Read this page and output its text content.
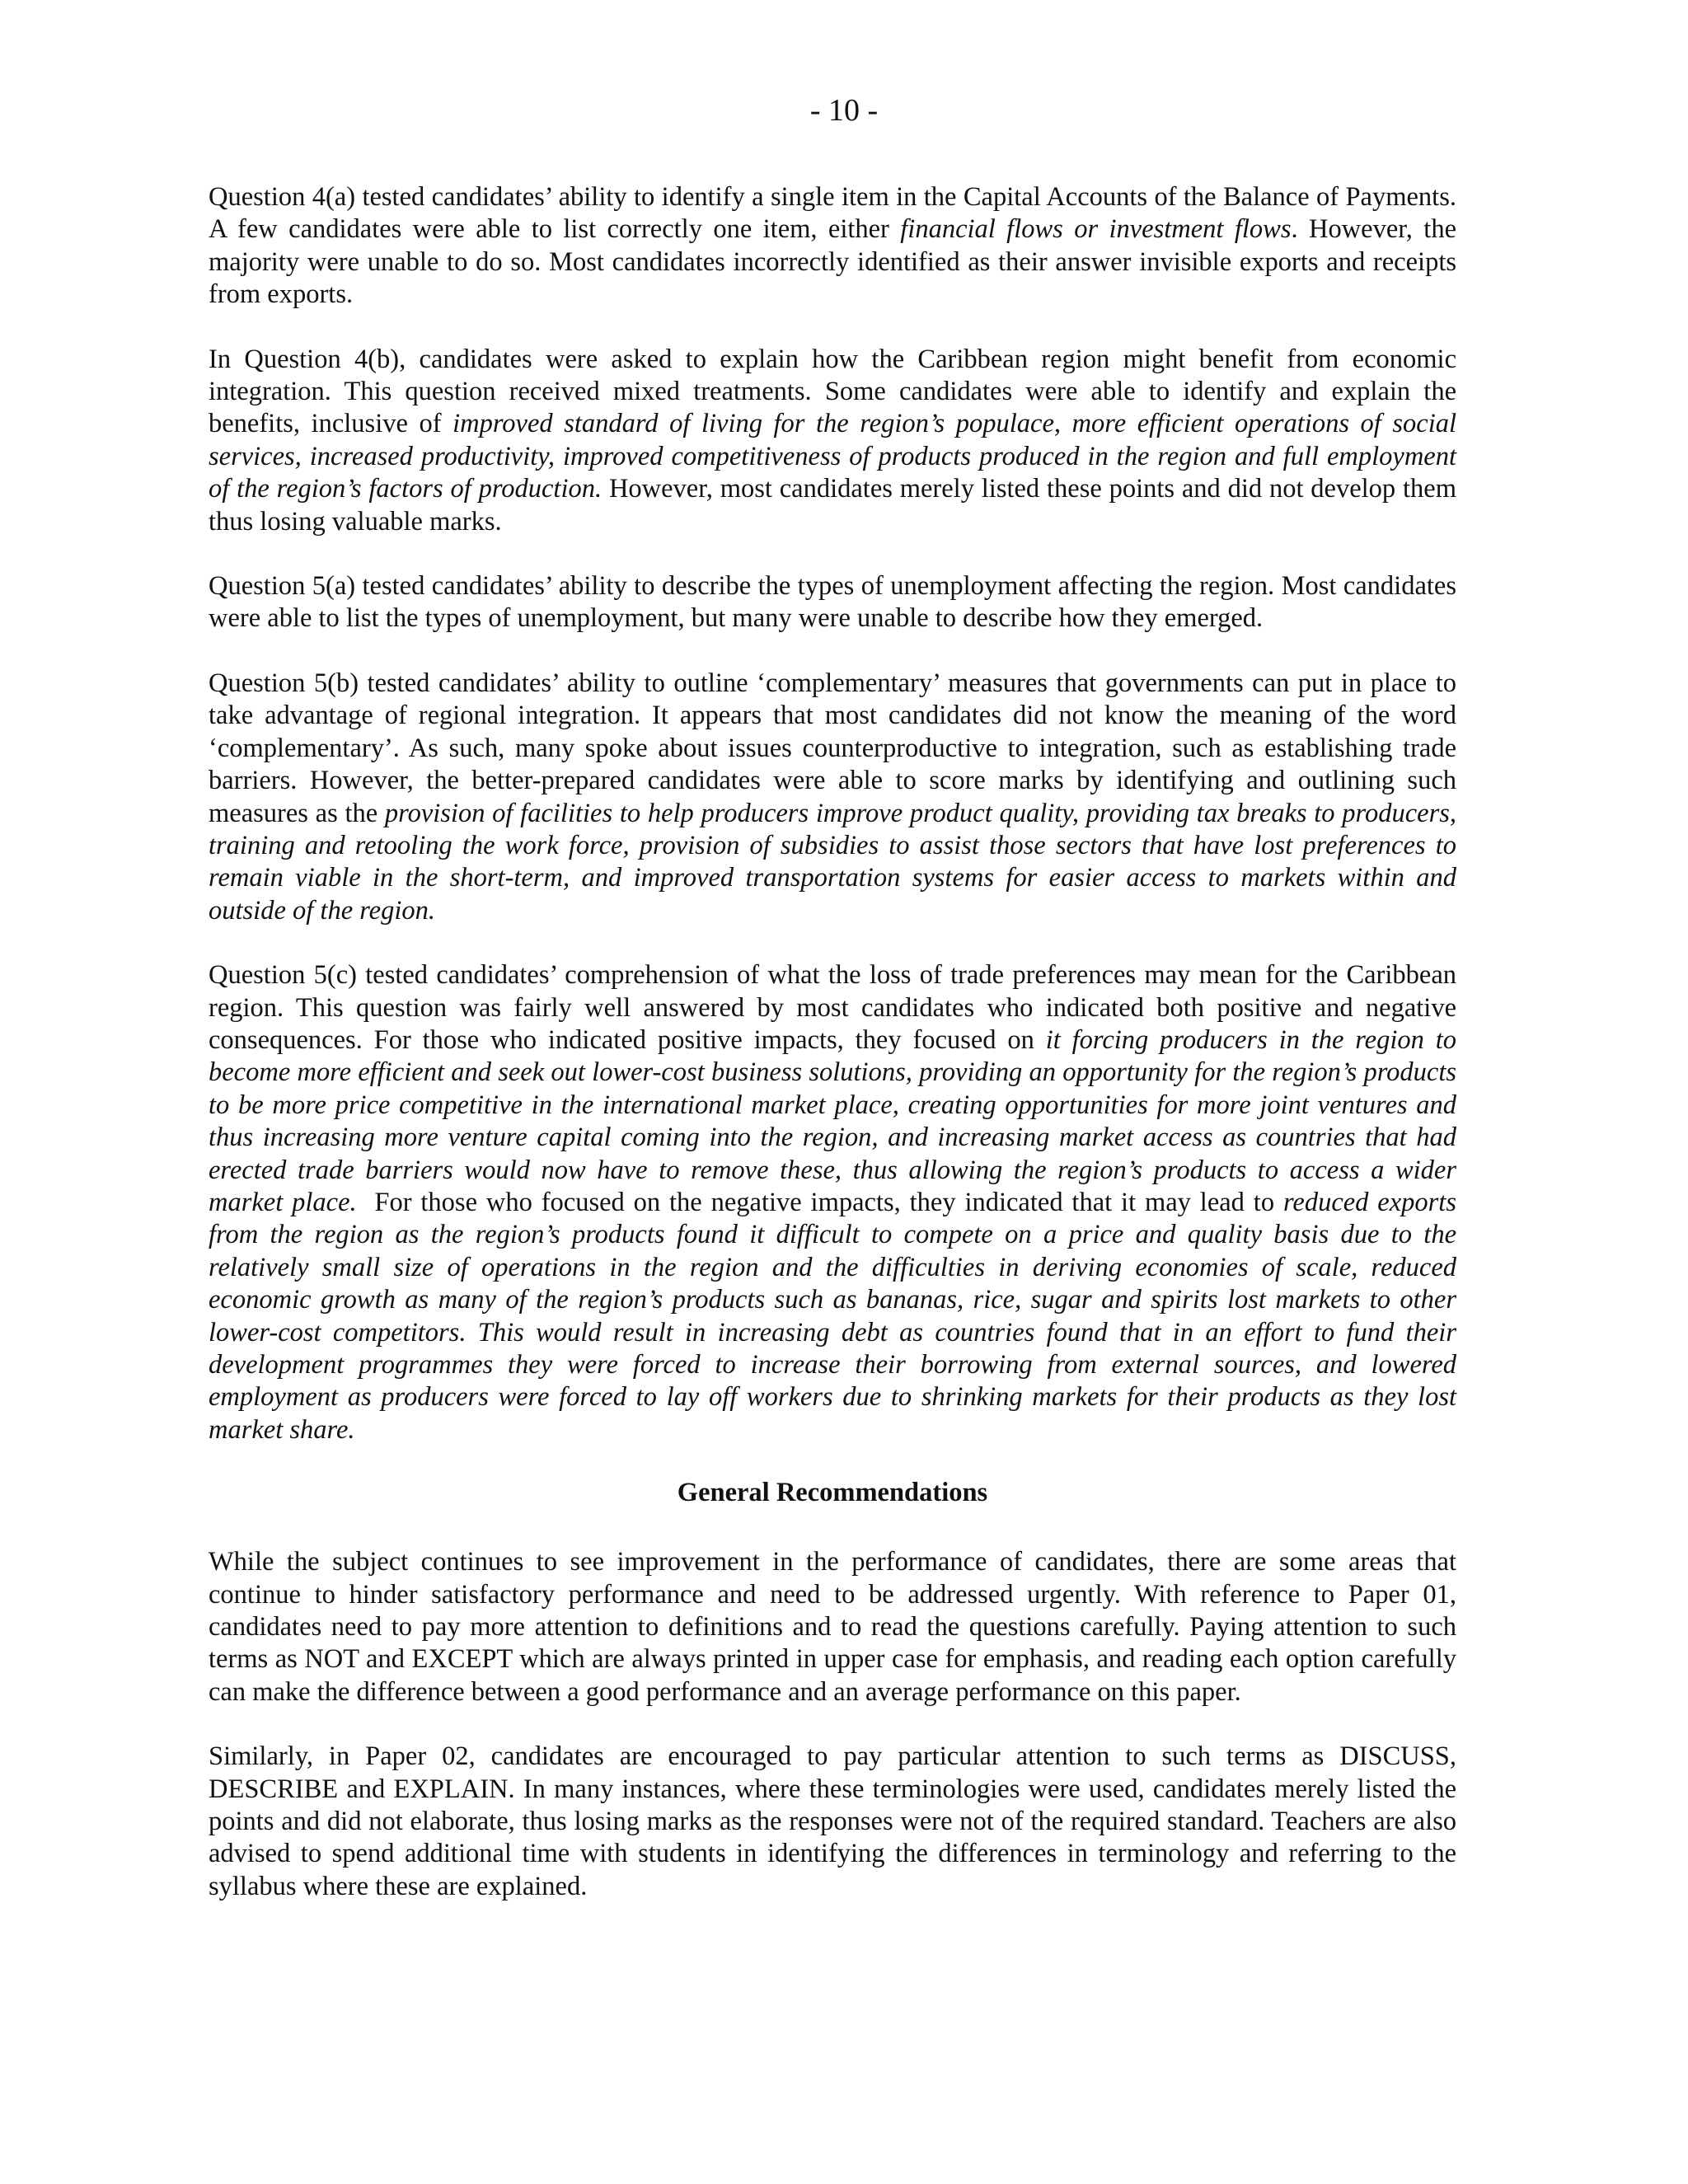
- 10 -

Question 4(a) tested candidates’ ability to identify a single item in the Capital Accounts of the Balance of Payments. A few candidates were able to list correctly one item, either financial flows or investment flows. However, the majority were unable to do so. Most candidates incorrectly identified as their answer invisible exports and receipts from exports.

In Question 4(b), candidates were asked to explain how the Caribbean region might benefit from economic integration. This question received mixed treatments. Some candidates were able to identify and explain the benefits, inclusive of improved standard of living for the region’s populace, more efficient operations of social services, increased productivity, improved competitiveness of products produced in the region and full employment of the region’s factors of production. However, most candidates merely listed these points and did not develop them thus losing valuable marks.

Question 5(a) tested candidates’ ability to describe the types of unemployment affecting the region. Most candidates were able to list the types of unemployment, but many were unable to describe how they emerged.

Question 5(b) tested candidates’ ability to outline ‘complementary’ measures that governments can put in place to take advantage of regional integration. It appears that most candidates did not know the meaning of the word ‘complementary’. As such, many spoke about issues counterproductive to integration, such as establishing trade barriers. However, the better-prepared candidates were able to score marks by identifying and outlining such measures as the provision of facilities to help producers improve product quality, providing tax breaks to producers, training and retooling the work force, provision of subsidies to assist those sectors that have lost preferences to remain viable in the short-term, and improved transportation systems for easier access to markets within and outside of the region.

Question 5(c) tested candidates’ comprehension of what the loss of trade preferences may mean for the Caribbean region. This question was fairly well answered by most candidates who indicated both positive and negative consequences. For those who indicated positive impacts, they focused on it forcing producers in the region to become more efficient and seek out lower-cost business solutions, providing an opportunity for the region’s products to be more price competitive in the international market place, creating opportunities for more joint ventures and thus increasing more venture capital coming into the region, and increasing market access as countries that had erected trade barriers would now have to remove these, thus allowing the region’s products to access a wider market place.  For those who focused on the negative impacts, they indicated that it may lead to reduced exports from the region as the region’s products found it difficult to compete on a price and quality basis due to the relatively small size of operations in the region and the difficulties in deriving economies of scale, reduced economic growth as many of the region’s products such as bananas, rice, sugar and spirits lost markets to other lower-cost competitors. This would result in increasing debt as countries found that in an effort to fund their development programmes they were forced to increase their borrowing from external sources, and lowered employment as producers were forced to lay off workers due to shrinking markets for their products as they lost market share.

General Recommendations

While the subject continues to see improvement in the performance of candidates, there are some areas that continue to hinder satisfactory performance and need to be addressed urgently. With reference to Paper 01, candidates need to pay more attention to definitions and to read the questions carefully. Paying attention to such terms as NOT and EXCEPT which are always printed in upper case for emphasis, and reading each option carefully can make the difference between a good performance and an average performance on this paper.

Similarly, in Paper 02, candidates are encouraged to pay particular attention to such terms as DISCUSS, DESCRIBE and EXPLAIN. In many instances, where these terminologies were used, candidates merely listed the points and did not elaborate, thus losing marks as the responses were not of the required standard. Teachers are also advised to spend additional time with students in identifying the differences in terminology and referring to the syllabus where these are explained.
